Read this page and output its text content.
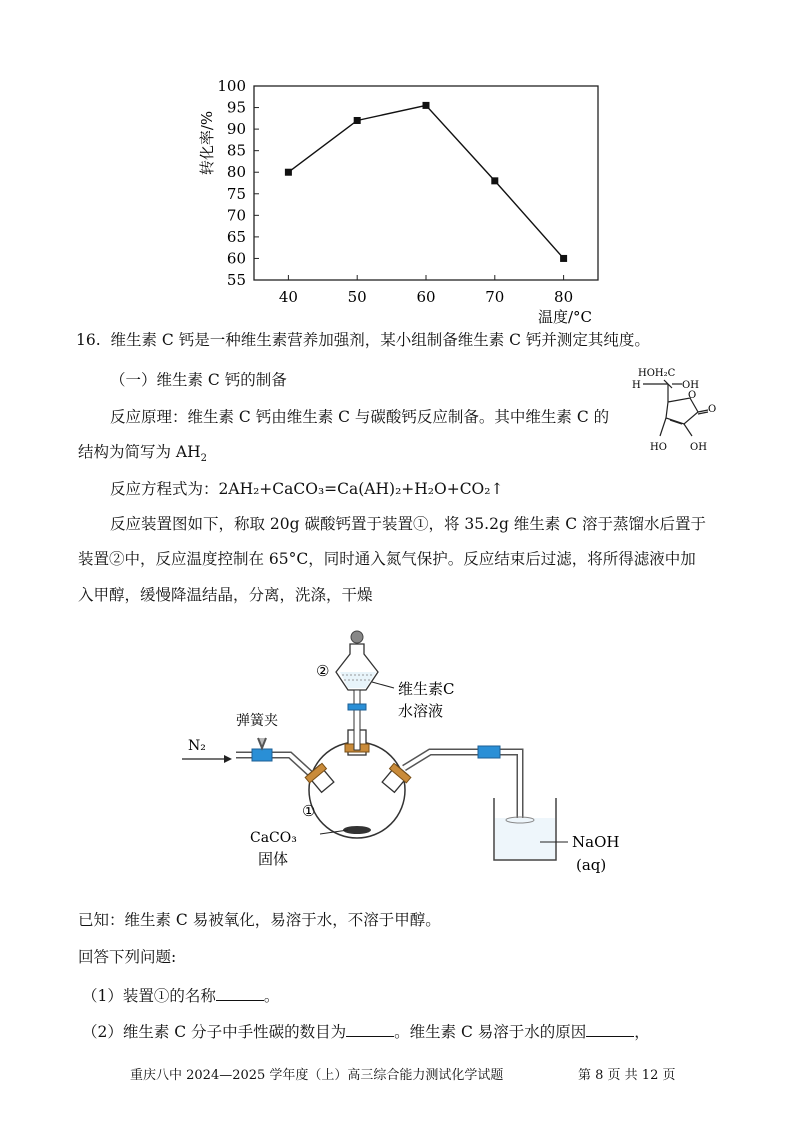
55
60
65
70
75
80
85
90
95
100
40	50	60	70	80
转化率/%
温度/°C
16.  维生素 C 钙是一种维生素营养加强剂，某小组制备维生素 C 钙并测定其纯度。
（一）维生素 C 钙的制备
反应原理：维生素 C 钙由维生素 C 与碳酸钙反应制备。其中维生素 C 的
结构为简写为 $AH_2$
反应方程式为：2AH₂+CaCO₃=Ca(AH)₂+H₂O+CO₂↑
反应装置图如下，称取 20g 碳酸钙置于装置①，将 35.2g 维生素 C 溶于蒸馏水后置于
装置②中，反应温度控制在 65°C，同时通入氮气保护。反应结束后过滤，将所得滤液中加
入甲醇，缓慢降温结晶，分离，洗涤，干燥
HOH₂C
H	OH
O
O
HO OH
N₂
弹簧夹
②
维生素C
水溶液
①
CaCO₃
固体
NaOH
(aq)
已知：维生素 C 易被氧化，易溶于水，不溶于甲醇。
回答下列问题:
（1）装置①的名称	。
（2）维生素 C 分子中手性碳的数目为	。维生素 C 易溶于水的原因	，
重庆八中 2024—2025 学年度（上）高三综合能力测试化学试题	第 8 页 共 12 页
